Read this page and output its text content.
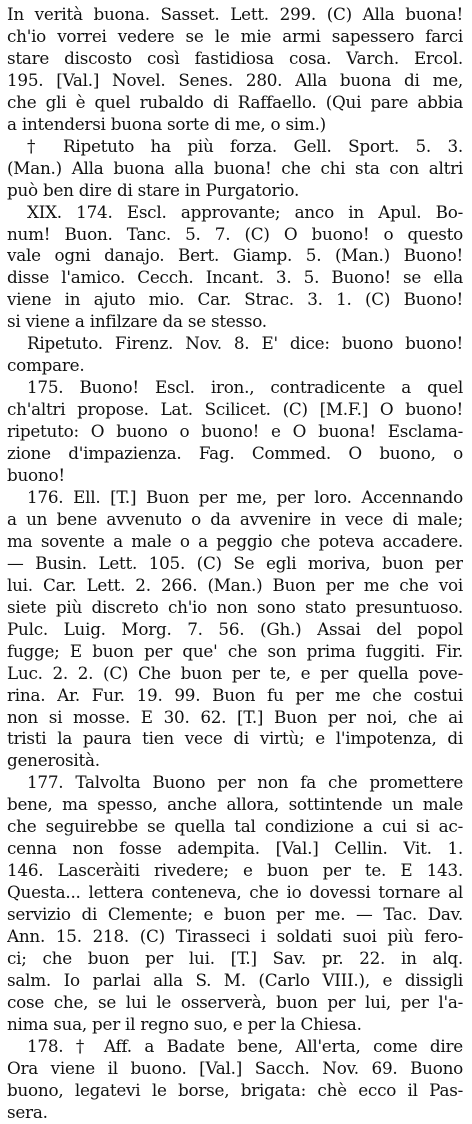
In verità buona. Sasset. Lett. 299. (C) Alla buona!
ch'io vorrei vedere se le mie armi sapessero farci
stare discosto così fastidiosa cosa. Varch. Ercol.
195. [Val.] Novel. Senes. 280. Alla buona di me,
che gli è quel rubaldo di Raffaello. (Qui pare abbia
a intendersi buona sorte di me, o sim.)

† Ripetuto ha più forza. Gell. Sport. 5. 3.
(Man.) Alla buona alla buona! che chi sta con altri
può ben dire di stare in Purgatorio.

XIX. 174. Escl. approvante; anco in Apul. Bo-
num! Buon. Tanc. 5. 7. (C) O buono! o questo
vale ogni danajo. Bert. Giamp. 5. (Man.) Buono!
disse l'amico. Cecch. Incant. 3. 5. Buono! se ella
viene in ajuto mio. Car. Strac. 3. 1. (C) Buono!
si viene a infilzare da se stesso.

Ripetuto. Firenz. Nov. 8. E' dice: buono buono!
compare.

175. Buono! Escl. iron., contradicente a quel
ch'altri propose. Lat. Scilicet. (C) [M.F.] O buono!
ripetuto: O buono o buono! e O buona! Esclama-
zione d'impazienza. Fag. Commed. O buono, o
buono!

176. Ell. [T.] Buon per me, per loro. Accennando
a un bene avvenuto o da avvenire in vece di male;
ma sovente a male o a peggio che poteva accadere.
— Busin. Lett. 105. (C) Se egli moriva, buon per
lui. Car. Lett. 2. 266. (Man.) Buon per me che voi
siete più discreto ch'io non sono stato presuntuoso.
Pulc. Luig. Morg. 7. 56. (Gh.) Assai del popol
fugge; E buon per que' che son prima fuggiti. Fir.
Luc. 2. 2. (C) Che buon per te, e per quella pove-
rina. Ar. Fur. 19. 99. Buon fu per me che costui
non si mosse. E 30. 62. [T.] Buon per noi, che ai
tristi la paura tien vece di virtù; e l'impotenza, di
generosità.

177. Talvolta Buono per non fa che promettere
bene, ma spesso, anche allora, sottintende un male
che seguirebbe se quella tal condizione a cui si ac-
cenna non fosse adempita. [Val.] Cellin. Vit. 1.
146. Lasceràiti rivedere; e buon per te. E 143.
Questa... lettera conteneva, che io dovessi tornare al
servizio di Clemente; e buon per me. — Tac. Dav.
Ann. 15. 218. (C) Tirasseci i soldati suoi più fero-
ci; che buon per lui. [T.] Sav. pr. 22. in alq.
salm. Io parlai alla S. M. (Carlo VIII.), e dissigli
cose che, se lui le osserverà, buon per lui, per l'a-
nima sua, per il regno suo, e per la Chiesa.

178. † Aff. a Badate bene, All'erta, come dire
Ora viene il buono. [Val.] Sacch. Nov. 69. Buono
buono, legatevi le borse, brigata: chè ecco il Pas-
sera.
